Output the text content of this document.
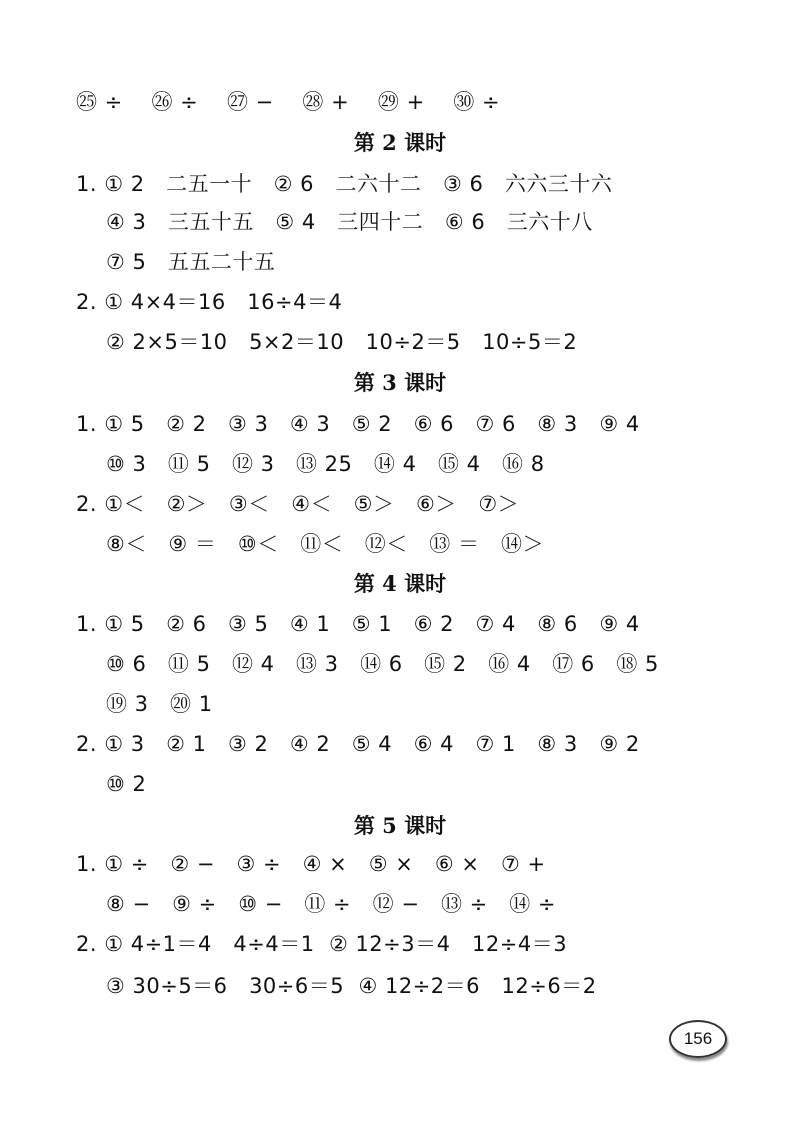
㉕ ÷    ㉖ ÷    ㉗ −    ㉘ +    ㉙ +    ㉚ ÷
第 2 课时
1. ① 2   二五一十   ② 6   二六十二   ③ 6   六六三十六
④ 3   三五十五   ⑤ 4   三四十二   ⑥ 6   三六十八
⑦ 5   五五二十五
2. ① 4×4＝16   16÷4＝4
② 2×5＝10   5×2＝10   10÷2＝5   10÷5＝2
第 3 课时
1. ① 5   ② 2   ③ 3   ④ 3   ⑤ 2   ⑥ 6   ⑦ 6   ⑧ 3   ⑨ 4
⑩ 3   ⑪ 5   ⑫ 3   ⑬ 25   ⑭ 4   ⑮ 4   ⑯ 8
2. ①＜   ②＞   ③＜   ④＜   ⑤＞   ⑥＞   ⑦＞
⑧＜   ⑨ ＝   ⑩＜   ⑪＜   ⑫＜   ⑬ ＝   ⑭＞
第 4 课时
1. ① 5   ② 6   ③ 5   ④ 1   ⑤ 1   ⑥ 2   ⑦ 4   ⑧ 6   ⑨ 4
⑩ 6   ⑪ 5   ⑫ 4   ⑬ 3   ⑭ 6   ⑮ 2   ⑯ 4   ⑰ 6   ⑱ 5
⑲ 3   ⑳ 1
2. ① 3   ② 1   ③ 2   ④ 2   ⑤ 4   ⑥ 4   ⑦ 1   ⑧ 3   ⑨ 2
⑩ 2
第 5 课时
1. ① ÷   ② −   ③ ÷   ④ ×   ⑤ ×   ⑥ ×   ⑦ +
⑧ −   ⑨ ÷   ⑩ −   ⑪ ÷   ⑫ −   ⑬ ÷   ⑭ ÷
2. ① 4÷1＝4   4÷4＝1  ② 12÷3＝4   12÷4＝3
③ 30÷5＝6   30÷6＝5  ④ 12÷2＝6   12÷6＝2
156
